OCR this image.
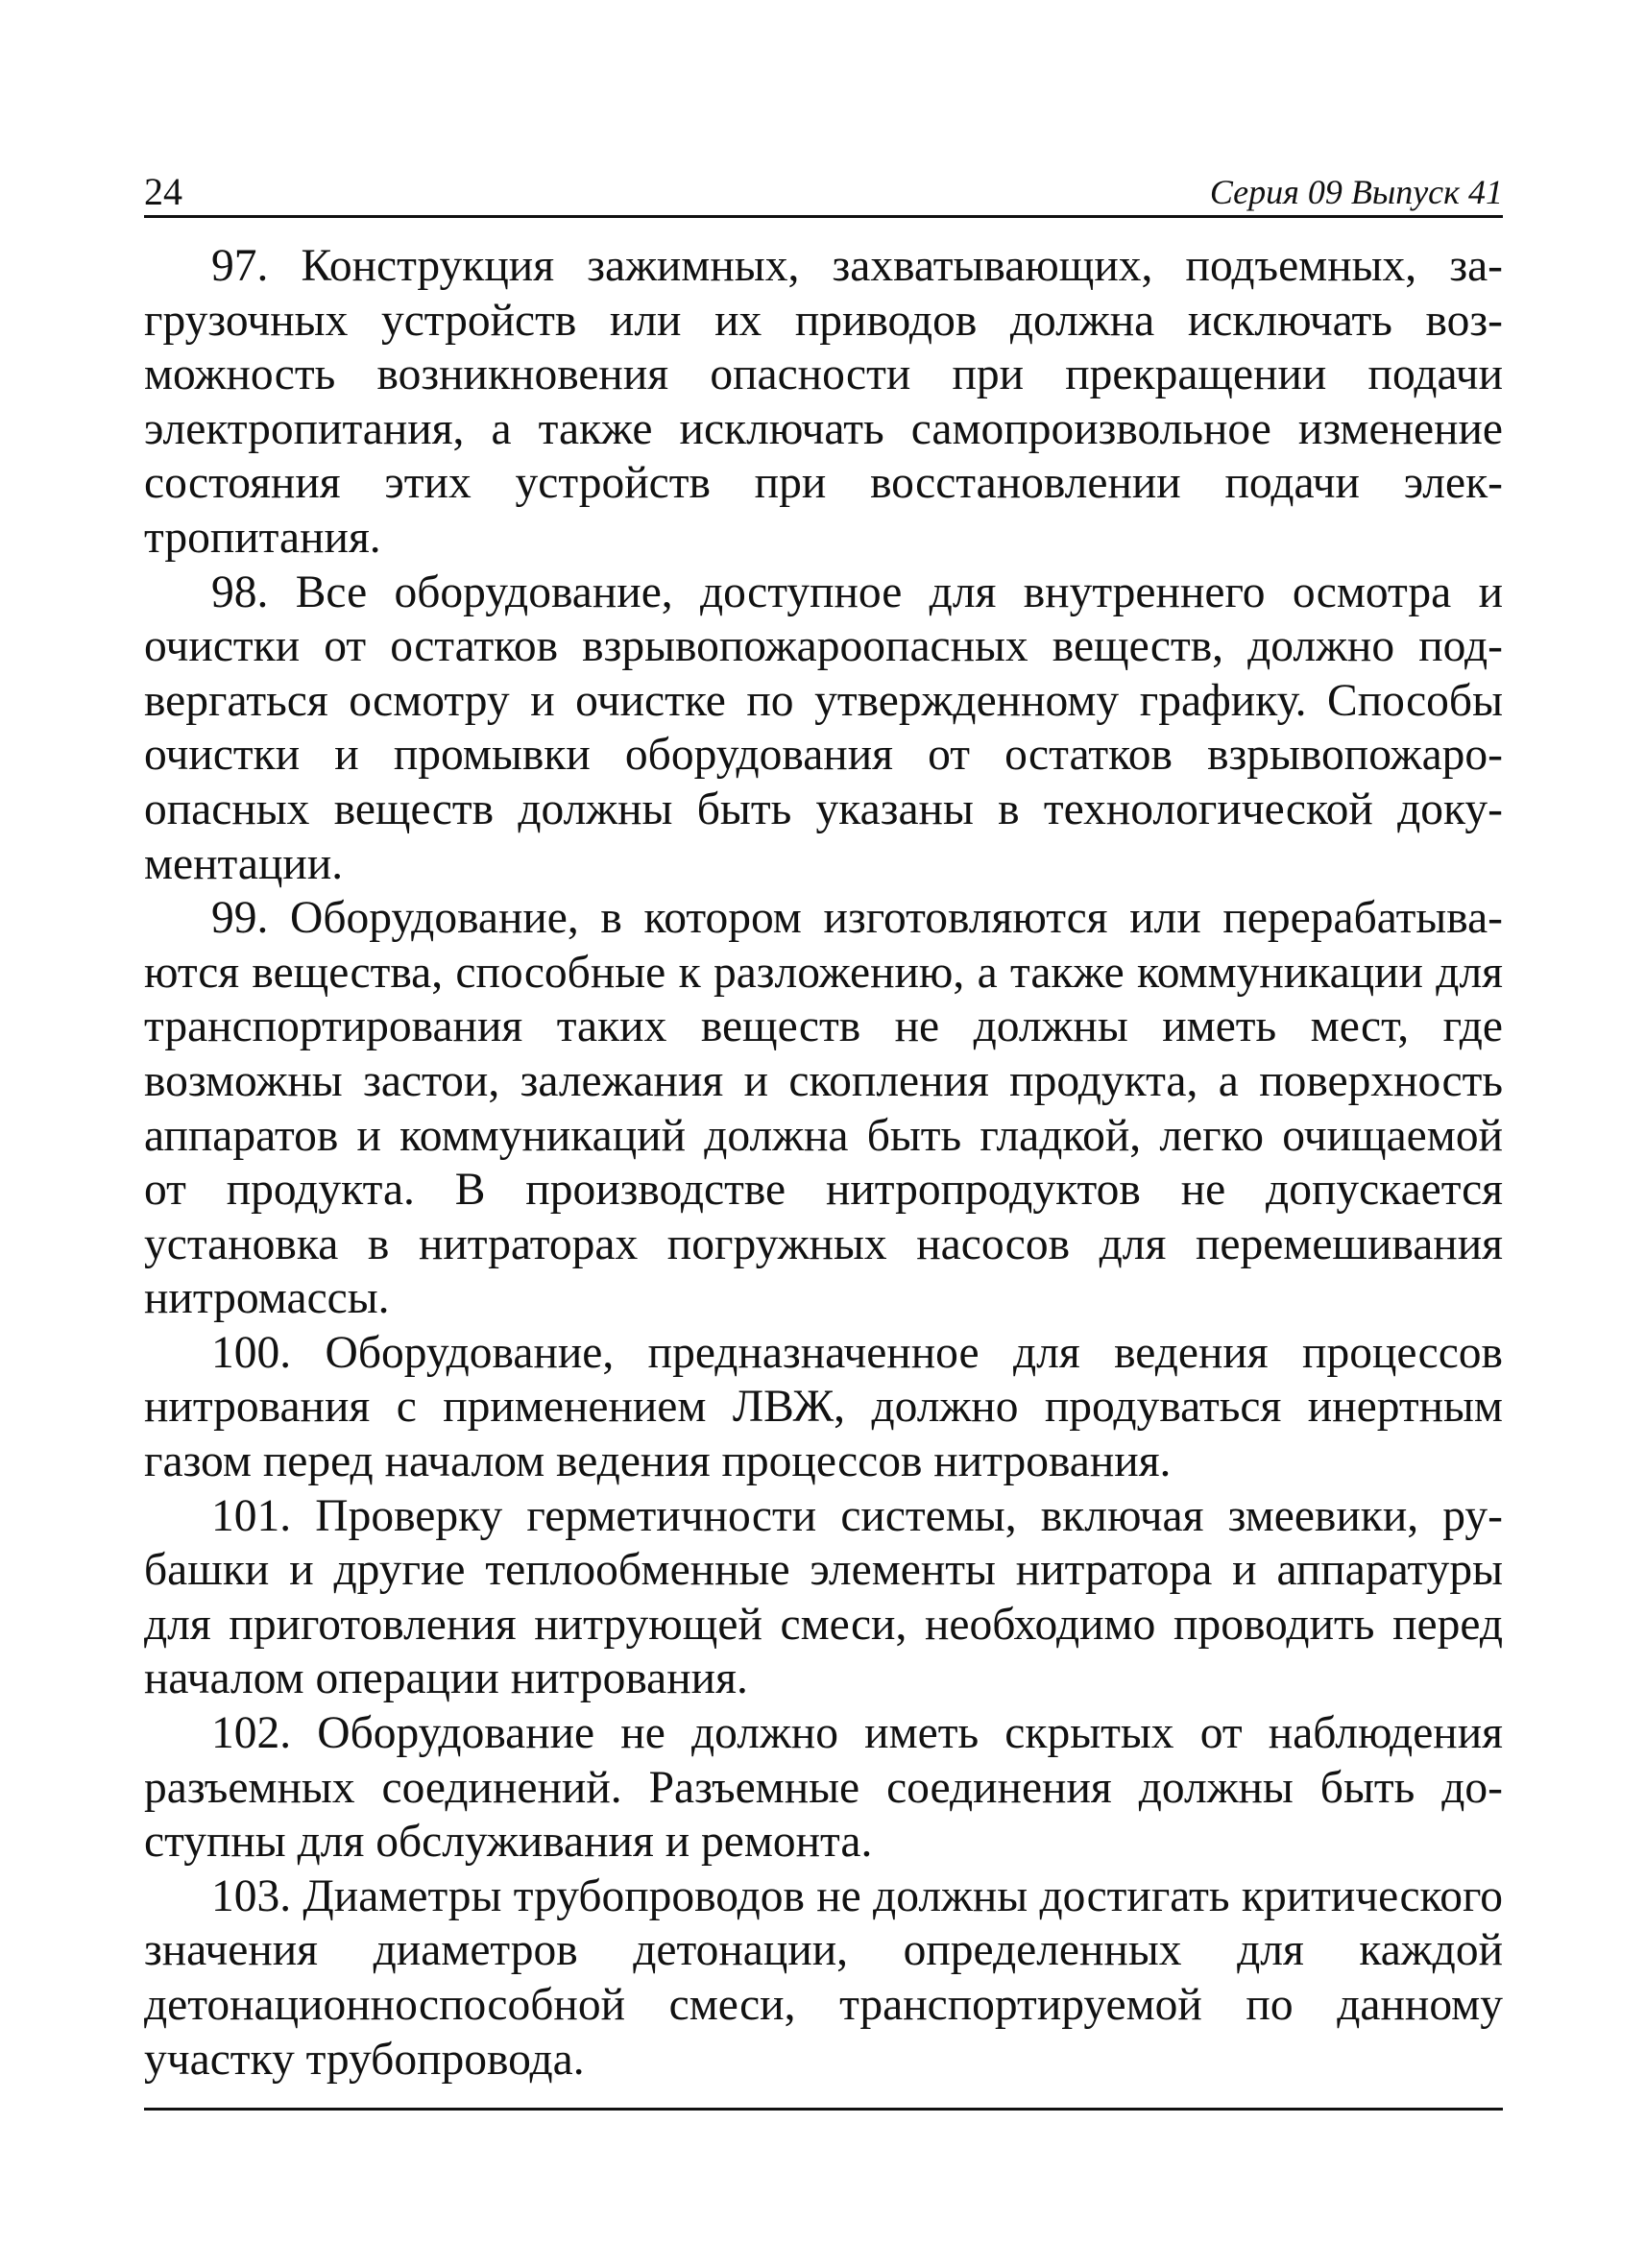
24	Серия 09 Выпуск 41

97. Конструкция зажимных, захватывающих, подъемных, загрузочных устройств или их приводов должна исключать возможность возникновения опасности при прекращении подачи электропитания, а также исключать самопроизвольное изменение состояния этих устройств при восстановлении подачи электропитания.

98. Все оборудование, доступное для внутреннего осмотра и очистки от остатков взрывопожароопасных веществ, должно подвергаться осмотру и очистке по утвержденному графику. Способы очистки и промывки оборудования от остатков взрывопожароопасных веществ должны быть указаны в технологической документации.

99. Оборудование, в котором изготовляются или перерабатываются вещества, способные к разложению, а также коммуникации для транспортирования таких веществ не должны иметь мест, где возможны застои, залежания и скопления продукта, а поверхность аппаратов и коммуникаций должна быть гладкой, легко очищаемой от продукта. В производстве нитропродуктов не допускается установка в нитраторах погружных насосов для перемешивания нитромассы.

100. Оборудование, предназначенное для ведения процессов нитрования с применением ЛВЖ, должно продуваться инертным газом перед началом ведения процессов нитрования.

101. Проверку герметичности системы, включая змеевики, рубашки и другие теплообменные элементы нитратора и аппаратуры для приготовления нитрующей смеси, необходимо проводить перед началом операции нитрования.

102. Оборудование не должно иметь скрытых от наблюдения разъемных соединений. Разъемные соединения должны быть доступны для обслуживания и ремонта.

103. Диаметры трубопроводов не должны достигать критического значения диаметров детонации, определенных для каждой детонационноспособной смеси, транспортируемой по данному участку трубопровода.
